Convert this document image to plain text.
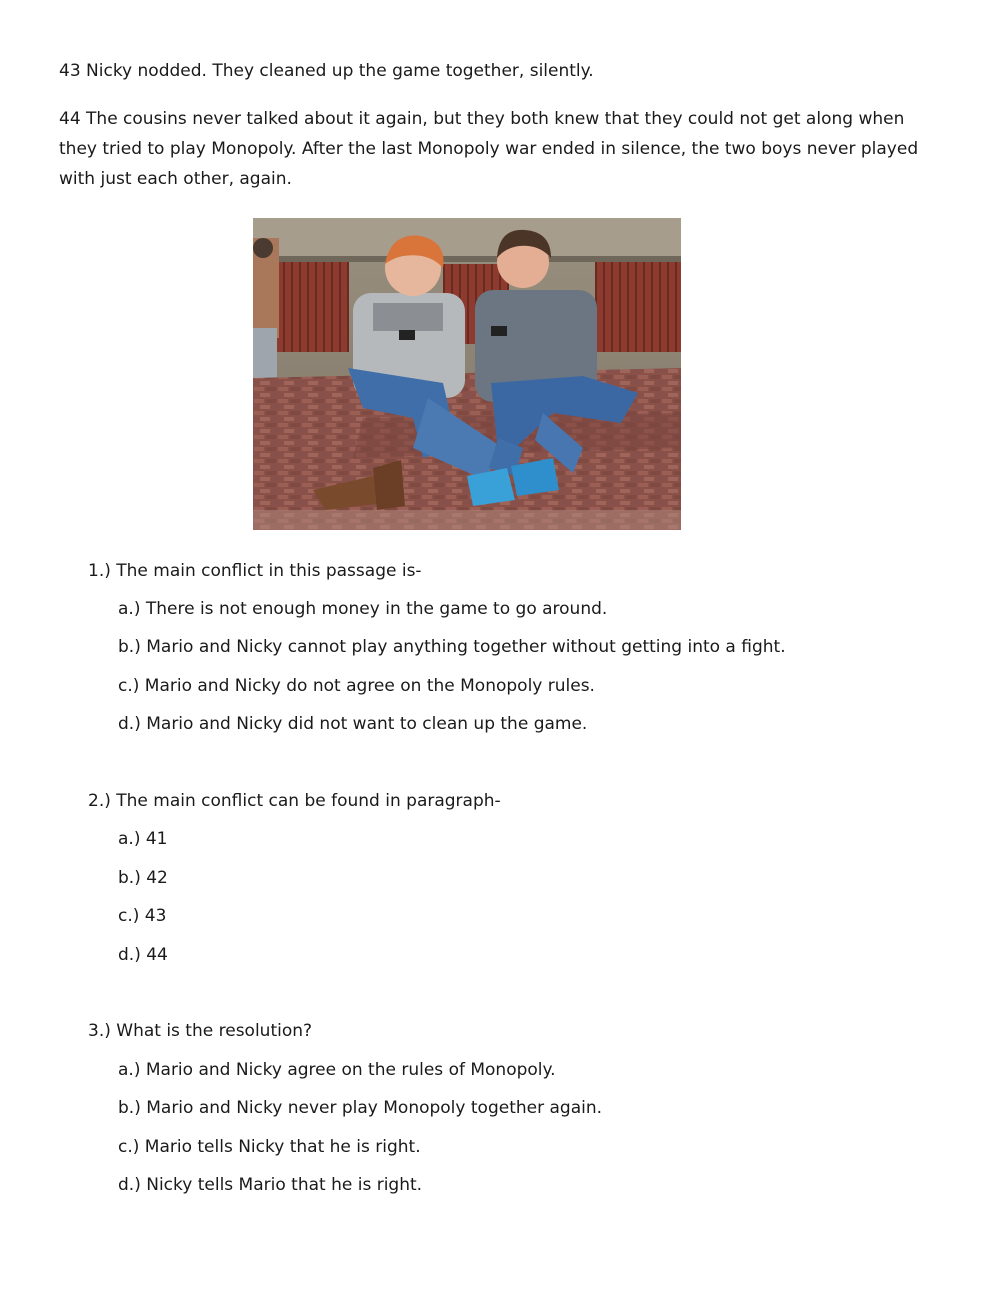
43 Nicky nodded. They cleaned up the game together, silently.

44 The cousins never talked about it again, but they both knew that they could not get along when they tried to play Monopoly. After the last Monopoly war ended in silence, the two boys never played with just each other, again.

1.) The main conflict in this passage is-

a.) There is not enough money in the game to go around.

b.) Mario and Nicky cannot play anything together without getting into a fight.

c.) Mario and Nicky do not agree on the Monopoly rules.

d.) Mario and Nicky did not want to clean up the game.

2.) The main conflict can be found in paragraph-

a.) 41

b.) 42

c.) 43

d.) 44

3.) What is the resolution?

a.) Mario and Nicky agree on the rules of Monopoly.

b.) Mario and Nicky never play Monopoly together again.

c.) Mario tells Nicky that he is right.

d.) Nicky tells Mario that he is right.
